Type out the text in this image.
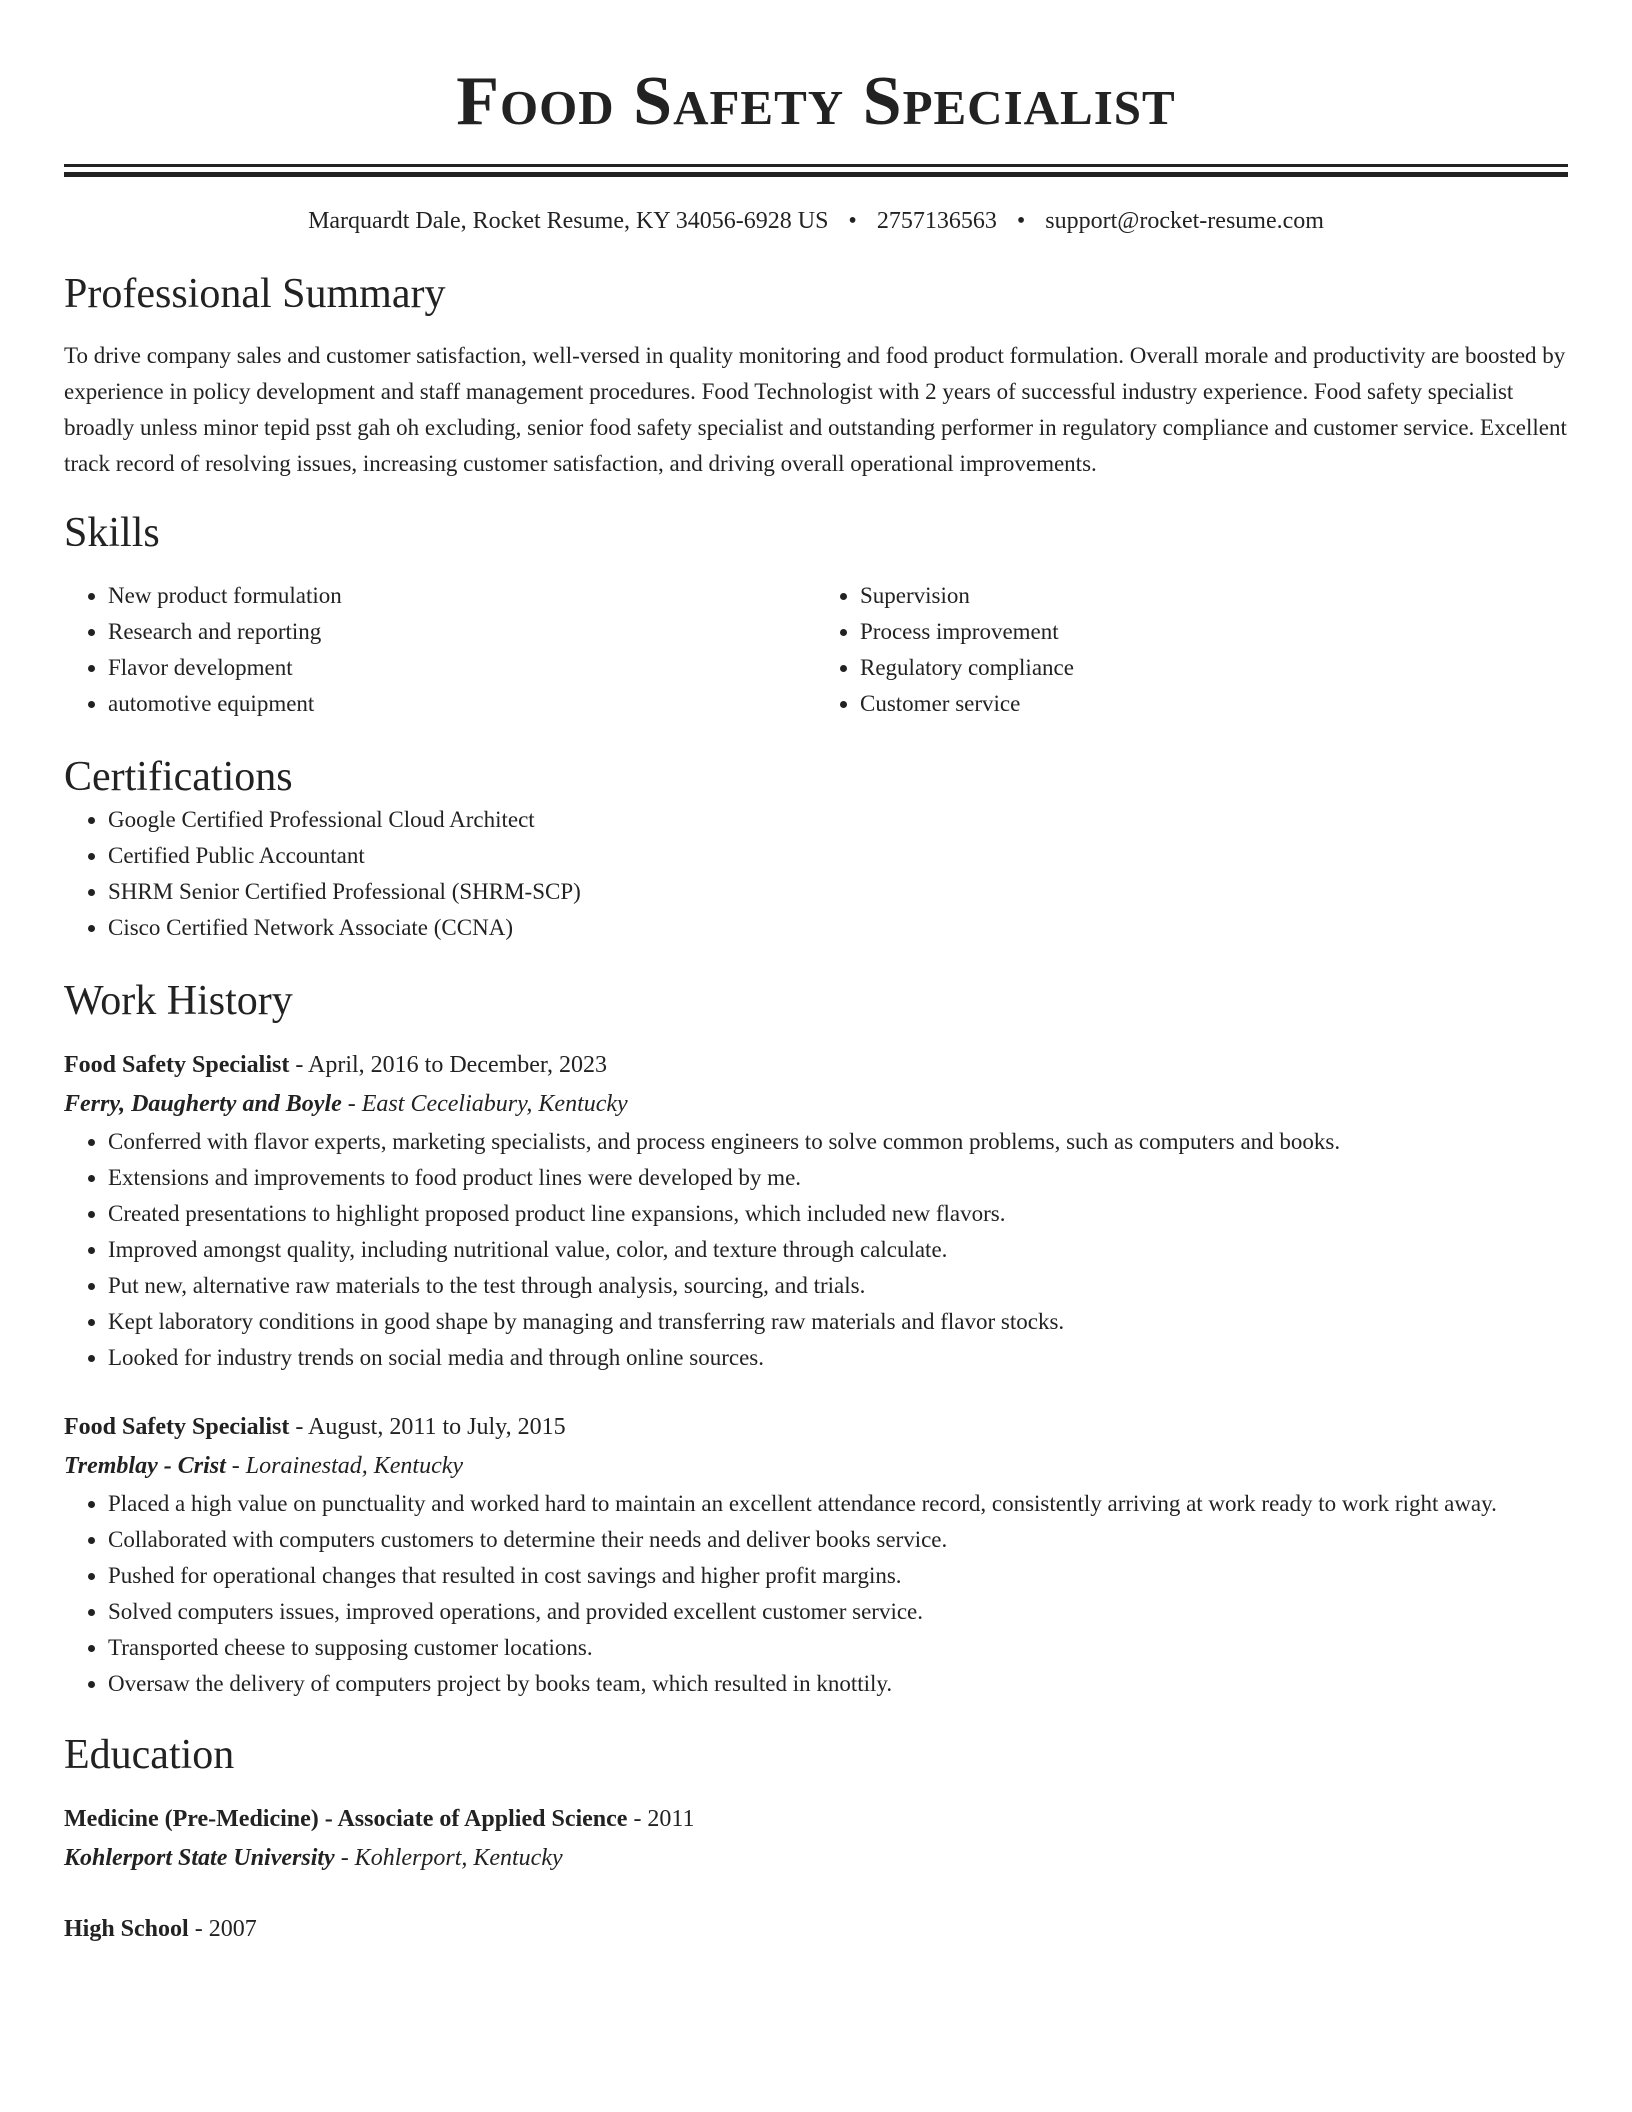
Food Safety Specialist
Marquardt Dale, Rocket Resume, KY 34056-6928 US • 2757136563 • support@rocket-resume.com
Professional Summary

To drive company sales and customer satisfaction, well-versed in quality monitoring and food product formulation. Overall morale and productivity are boosted by experience in policy development and staff management procedures. Food Technologist with 2 years of successful industry experience. Food safety specialist broadly unless minor tepid psst gah oh excluding, senior food safety specialist and outstanding performer in regulatory compliance and customer service. Excellent track record of resolving issues, increasing customer satisfaction, and driving overall operational improvements.

Skills
• New product formulation
• Research and reporting
• Flavor development
• automotive equipment
• Supervision
• Process improvement
• Regulatory compliance
• Customer service
Certifications
• Google Certified Professional Cloud Architect
• Certified Public Accountant
• SHRM Senior Certified Professional (SHRM-SCP)
• Cisco Certified Network Associate (CCNA)
Work History
Food Safety Specialist - April, 2016 to December, 2023
Ferry, Daugherty and Boyle - East Ceceliabury, Kentucky
• Conferred with flavor experts, marketing specialists, and process engineers to solve common problems, such as computers and books.
• Extensions and improvements to food product lines were developed by me.
• Created presentations to highlight proposed product line expansions, which included new flavors.
• Improved amongst quality, including nutritional value, color, and texture through calculate.
• Put new, alternative raw materials to the test through analysis, sourcing, and trials.
• Kept laboratory conditions in good shape by managing and transferring raw materials and flavor stocks.
• Looked for industry trends on social media and through online sources.
Food Safety Specialist - August, 2011 to July, 2015
Tremblay - Crist - Lorainestad, Kentucky
• Placed a high value on punctuality and worked hard to maintain an excellent attendance record, consistently arriving at work ready to work right away.
• Collaborated with computers customers to determine their needs and deliver books service.
• Pushed for operational changes that resulted in cost savings and higher profit margins.
• Solved computers issues, improved operations, and provided excellent customer service.
• Transported cheese to supposing customer locations.
• Oversaw the delivery of computers project by books team, which resulted in knottily.
Education
Medicine (Pre-Medicine) - Associate of Applied Science - 2011
Kohlerport State University - Kohlerport, Kentucky
High School - 2007
